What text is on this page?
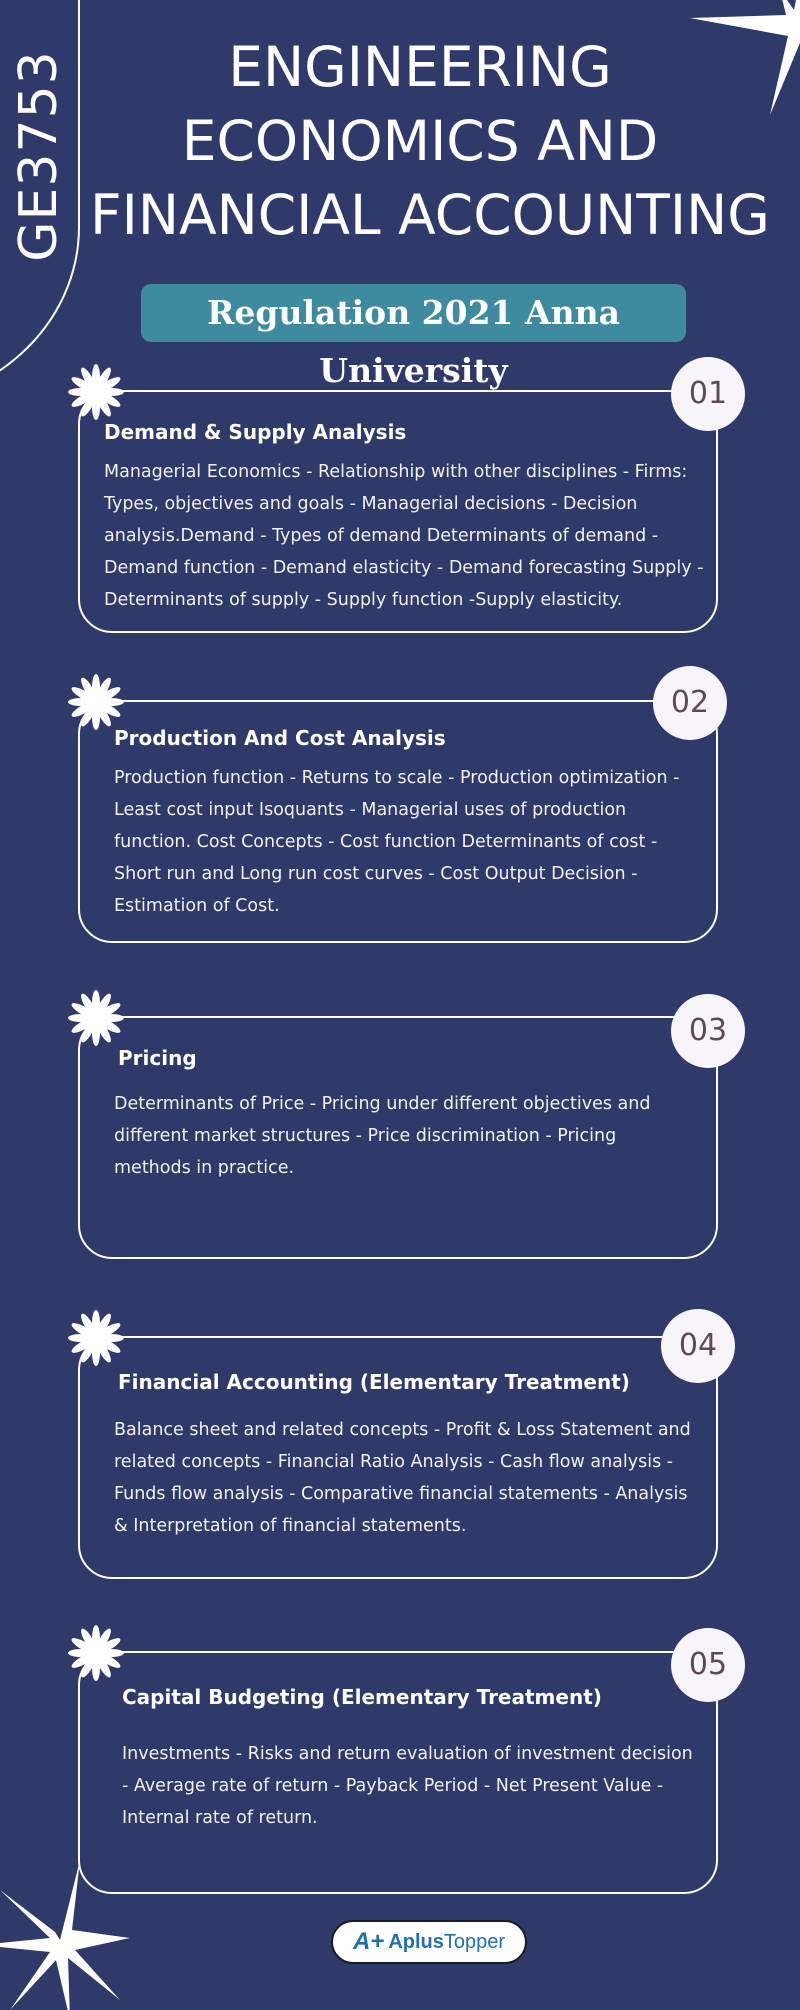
GE3753	ENGINEERING
ECONOMICS AND
FINANCIAL ACCOUNTING
Regulation 2021 Anna University
Demand & Supply Analysis
Managerial Economics - Relationship with other disciplines - Firms: Types, objectives and goals - Managerial decisions - Decision analysis.Demand - Types of demand Determinants of demand - Demand function - Demand elasticity - Demand forecasting Supply - Determinants of supply - Supply function -Supply elasticity.
01
Production And Cost Analysis
Production function - Returns to scale - Production optimization - Least cost input Isoquants - Managerial uses of production function. Cost Concepts - Cost function Determinants of cost - Short run and Long run cost curves - Cost Output Decision - Estimation of Cost.
02
Pricing
Determinants of Price - Pricing under different objectives and different market structures - Price discrimination - Pricing methods in practice.
03
Financial Accounting (Elementary Treatment)
Balance sheet and related concepts - Profit & Loss Statement and related concepts - Financial Ratio Analysis - Cash flow analysis - Funds flow analysis - Comparative financial statements - Analysis & Interpretation of financial statements.
04
Capital Budgeting (Elementary Treatment)
Investments - Risks and return evaluation of investment decision - Average rate of return - Payback Period - Net Present Value - Internal rate of return.
05
A+ Aplus Topper
